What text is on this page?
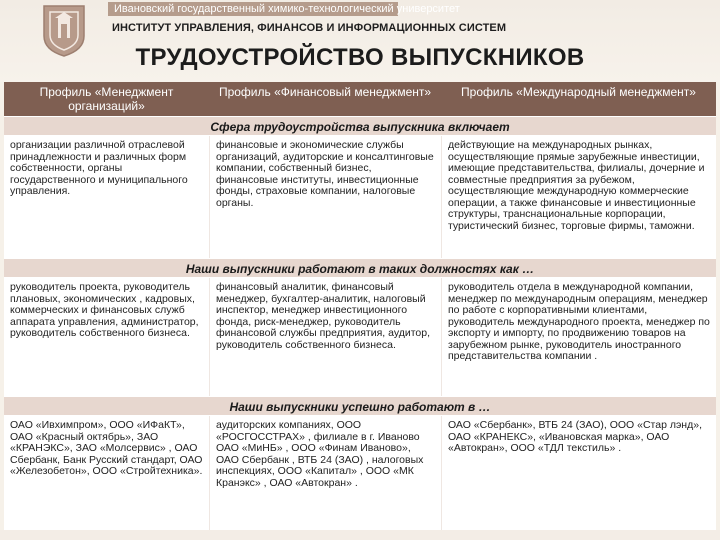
Ивановский государственный химико-технологический университет
ИНСТИТУТ УПРАВЛЕНИЯ, ФИНАНСОВ И ИНФОРМАЦИОННЫХ СИСТЕМ
ТРУДОУСТРОЙСТВО ВЫПУСКНИКОВ
Профиль «Менеджмент организаций»
Профиль «Финансовый менеджмент»	Профиль «Международный менеджмент»
Сфера трудоустройства выпускника включает
организации различной отраслевой принадлежности и различных форм собственности, органы государственного и муниципального управления.
финансовые и экономические службы организаций, аудиторские и консалтинговые компании, собственный бизнес, финансовые институты, инвестиционные фонды, страховые компании, налоговые органы.
действующие на международных рынках, осуществляющие прямые зарубежные инвестиции, имеющие представительства, филиалы, дочерние и совместные предприятия за рубежом, осуществляющие международную коммерческие операции, а также финансовые и инвестиционные структуры, транснациональные корпорации, туристический бизнес, торговые фирмы, таможни.
Наши выпускники работают в таких должностях как …
руководитель проекта, руководитель плановых, экономических , кадровых, коммерческих и финансовых служб аппарата управления, администратор, руководитель собственного бизнеса.
финансовый аналитик, финансовый менеджер, бухгалтер-аналитик, налоговый инспектор, менеджер инвестиционного фонда, риск-менеджер, руководитель финансовой службы предприятия, аудитор, руководитель собственного бизнеса.
руководитель отдела в международной компании, менеджер по международным операциям, менеджер по работе с корпоративными клиентами, руководитель международного проекта, менеджер по экспорту и импорту, по продвижению товаров на зарубежном рынке, руководитель иностранного представительства компании .
Наши выпускники успешно работают в …
ОАО «Ивхимпром», ООО «ИФаКТ», ОАО «Красный октябрь», ЗАО «КРАНЭКС», ЗАО «Молсервис» , ОАО Сбербанк, Банк Русский стандарт, ОАО «Железобетон», ООО «Стройтехника».
аудиторских компаниях, ООО «РОСГОССТРАХ» , филиале в г. Иваново ОАО «МиНБ» , ООО «Финам Иваново», ОАО Сбербанк , ВТБ 24 (ЗАО) , налоговых инспекциях, ООО «Капитал» , ООО «МК Кранэкс» , ОАО «Автокран» .
ОАО «Сбербанк», ВТБ 24 (ЗАО), ООО «Стар лэнд», ОАО «КРАНЕКС», «Ивановская марка», ОАО «Автокран», ООО «ТДЛ текстиль» .
